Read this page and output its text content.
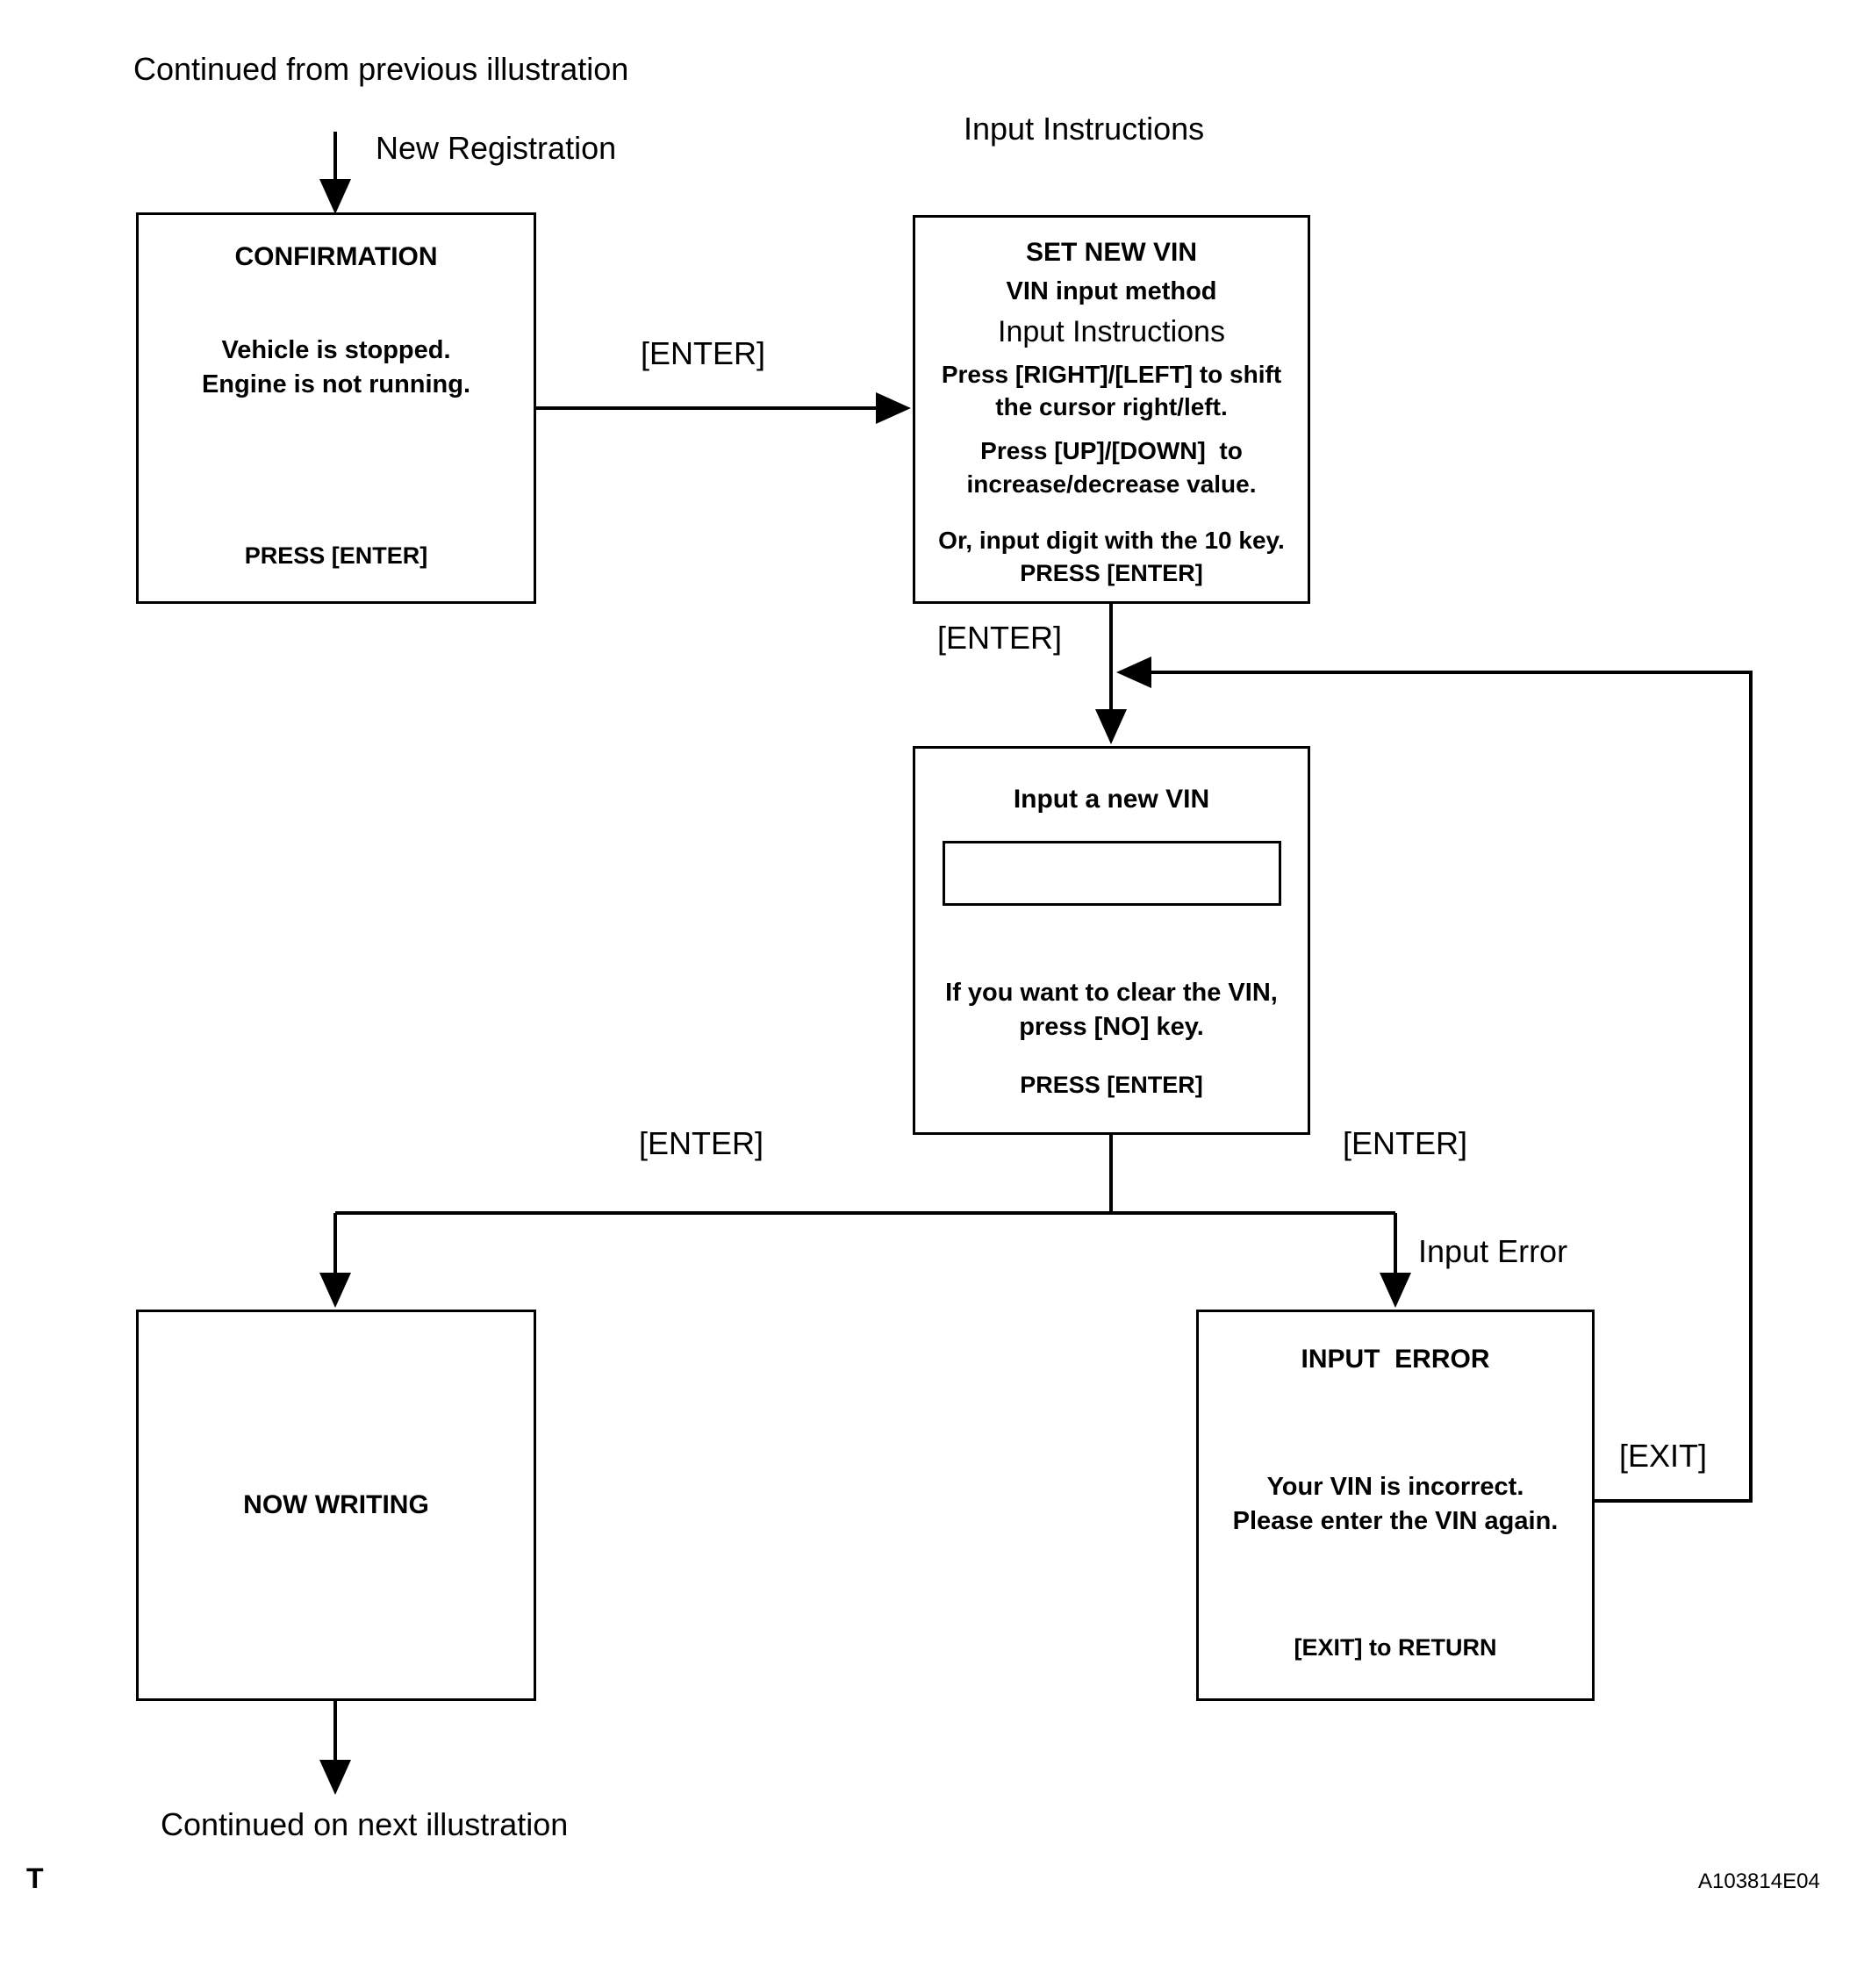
Continued from previous illustration
New Registration
Input Instructions
[ENTER]
[ENTER]
[ENTER]	[ENTER]
Input Error
[EXIT]
Continued on next illustration
T	A103814E04
CONFIRMATION
Vehicle is stopped.
Engine is not running.
PRESS [ENTER]
SET NEW VIN
VIN input method
Input Instructions
Press [RIGHT]/[LEFT] to shift
the cursor right/left.
Press [UP]/[DOWN]  to
increase/decrease value.
Or, input digit with the 10 key.
PRESS [ENTER]
Input a new VIN
If you want to clear the VIN,
press [NO] key.
PRESS [ENTER]
NOW WRITING
INPUT  ERROR
Your VIN is incorrect.
Please enter the VIN again.
[EXIT] to RETURN
